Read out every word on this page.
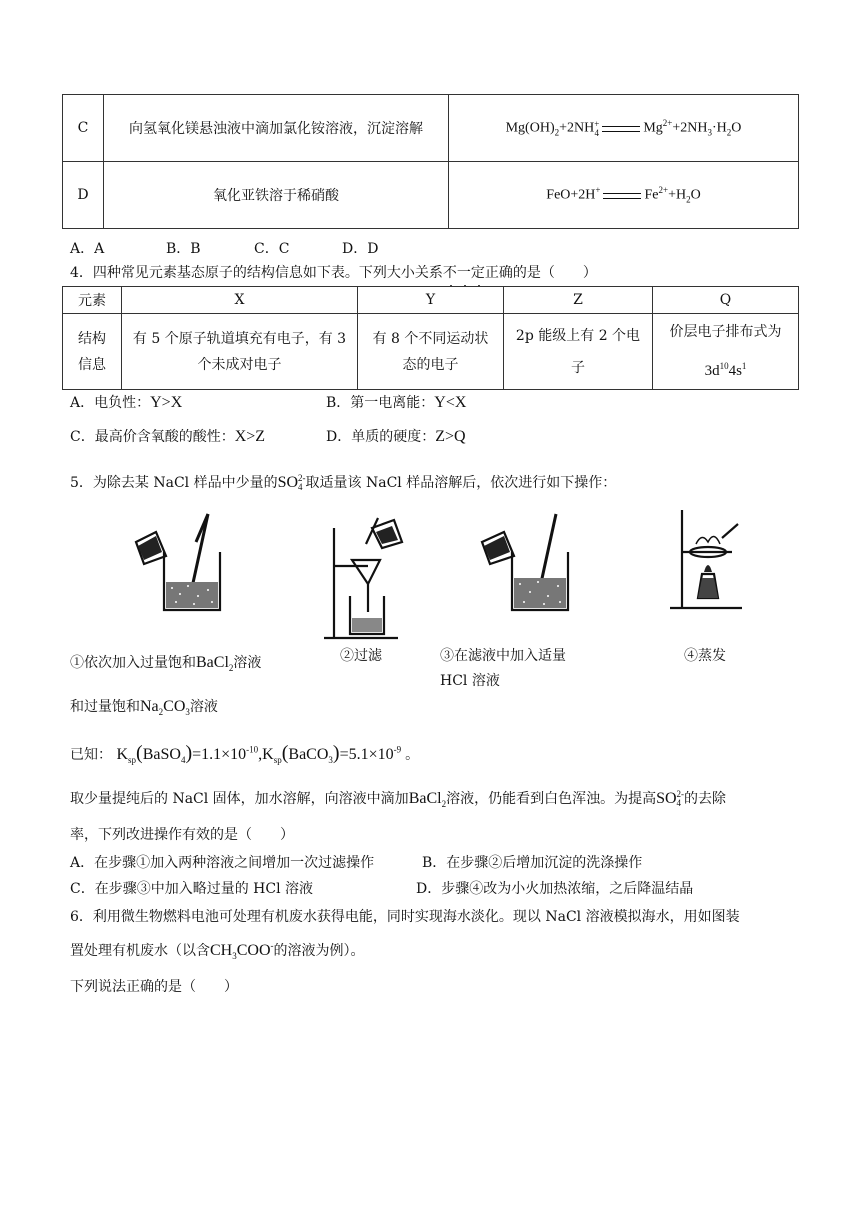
C	向氢氧化镁悬浊液中滴加氯化铵溶液，沉淀溶解	$Mg(OH)_2+2NH$ +
4 $Mg^{2+}+2NH_3\cdot H_2O$
D	氧化亚铁溶于稀硝酸	FeO+2H+ $Fe^{2+}+H_2O$
A．A	B．B	C．C	D．D
4．四种常见元素基态原子的结构信息如下表。下列大小关系不一定正确的是（　　）
元素	X	Y	Z	Q
结构信息	有 5 个原子轨道填充有电子，有 3 个未成对电子	有 8 个不同运动状态的电子	2p 能级上有 2 个电子	价层电子排布式为
$3d^{10}4s^1$
A．电负性：Y>X	B．第一电离能：Y<X
C．最高价含氧酸的酸性：X>Z	D．单质的硬度：Z>Q
5．为除去某 NaCl 样品中少量的SO 2-
4 取适量该 NaCl 样品溶解后，依次进行如下操作：
①依次加入过量饱和BaCl$_2$溶液	②过滤	③在滤液中加入适量
HCl 溶液
④蒸发
和过量饱和$Na_2CO_3$溶液
已知： $K_{sp}(BaSO_4)=1.1\times 10^{-10},K_{sp}(BaCO_3)=5.1\times 10^{-9}$ 。
取少量提纯后的 NaCl 固体，加水溶解，向溶液中滴加BaCl$_2$溶液，仍能看到白色浑浊。为提高SO 2-
4 的去除
率，下列改进操作有效的是（　　）
A．在步骤①加入两种溶液之间增加一次过滤操作	B．在步骤②后增加沉淀的洗涤操作
C．在步骤③中加入略过量的 HCl 溶液	D．步骤④改为小火加热浓缩，之后降温结晶
6．利用微生物燃料电池可处理有机废水获得电能，同时实现海水淡化。现以 NaCl 溶液模拟海水，用如图装
置处理有机废水（以含$CH_3COO^-$的溶液为例）。
下列说法正确的是（　　）
